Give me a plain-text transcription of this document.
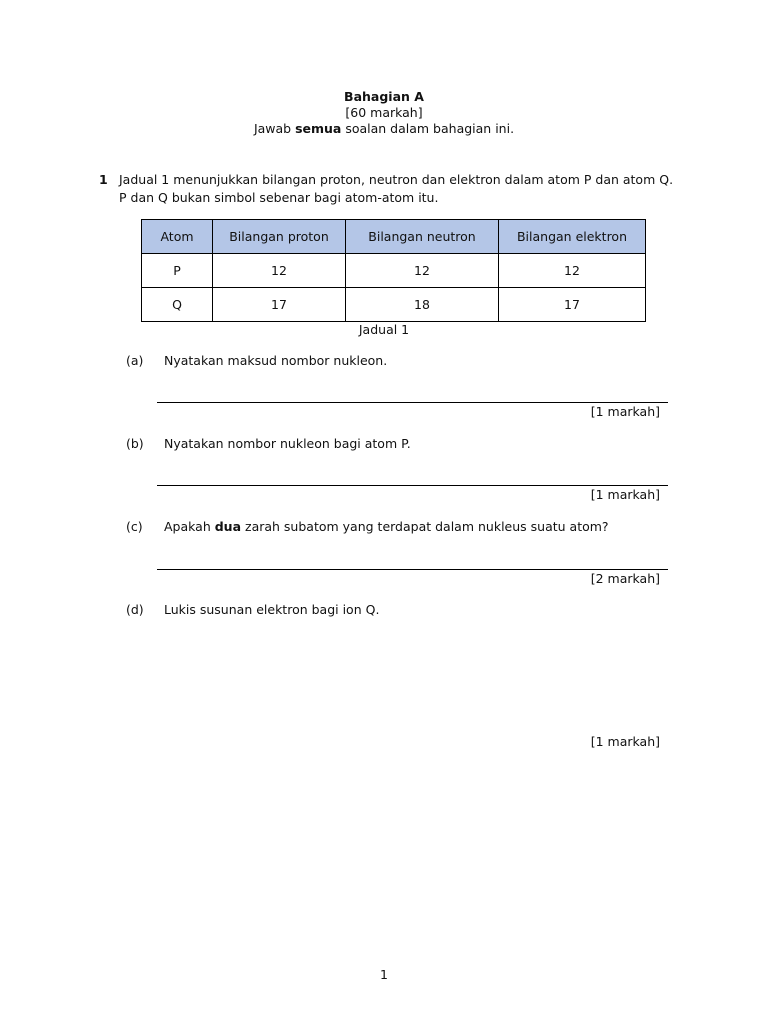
Bahagian A
[60 markah]
Jawab semua soalan dalam bahagian ini.
1 Jadual 1 menunjukkan bilangan proton, neutron dan elektron dalam atom P dan atom Q.
P dan Q bukan simbol sebenar bagi atom-atom itu.
Atom	Bilangan proton	Bilangan neutron	Bilangan elektron
P	12	12	12
Q	17	18	17
Jadual 1
(a) Nyatakan maksud nombor nukleon.
[1 markah]
(b) Nyatakan nombor nukleon bagi atom P.
[1 markah]
(c) Apakah dua zarah subatom yang terdapat dalam nukleus suatu atom?
[2 markah]
(d) Lukis susunan elektron bagi ion Q.
[1 markah]
1
